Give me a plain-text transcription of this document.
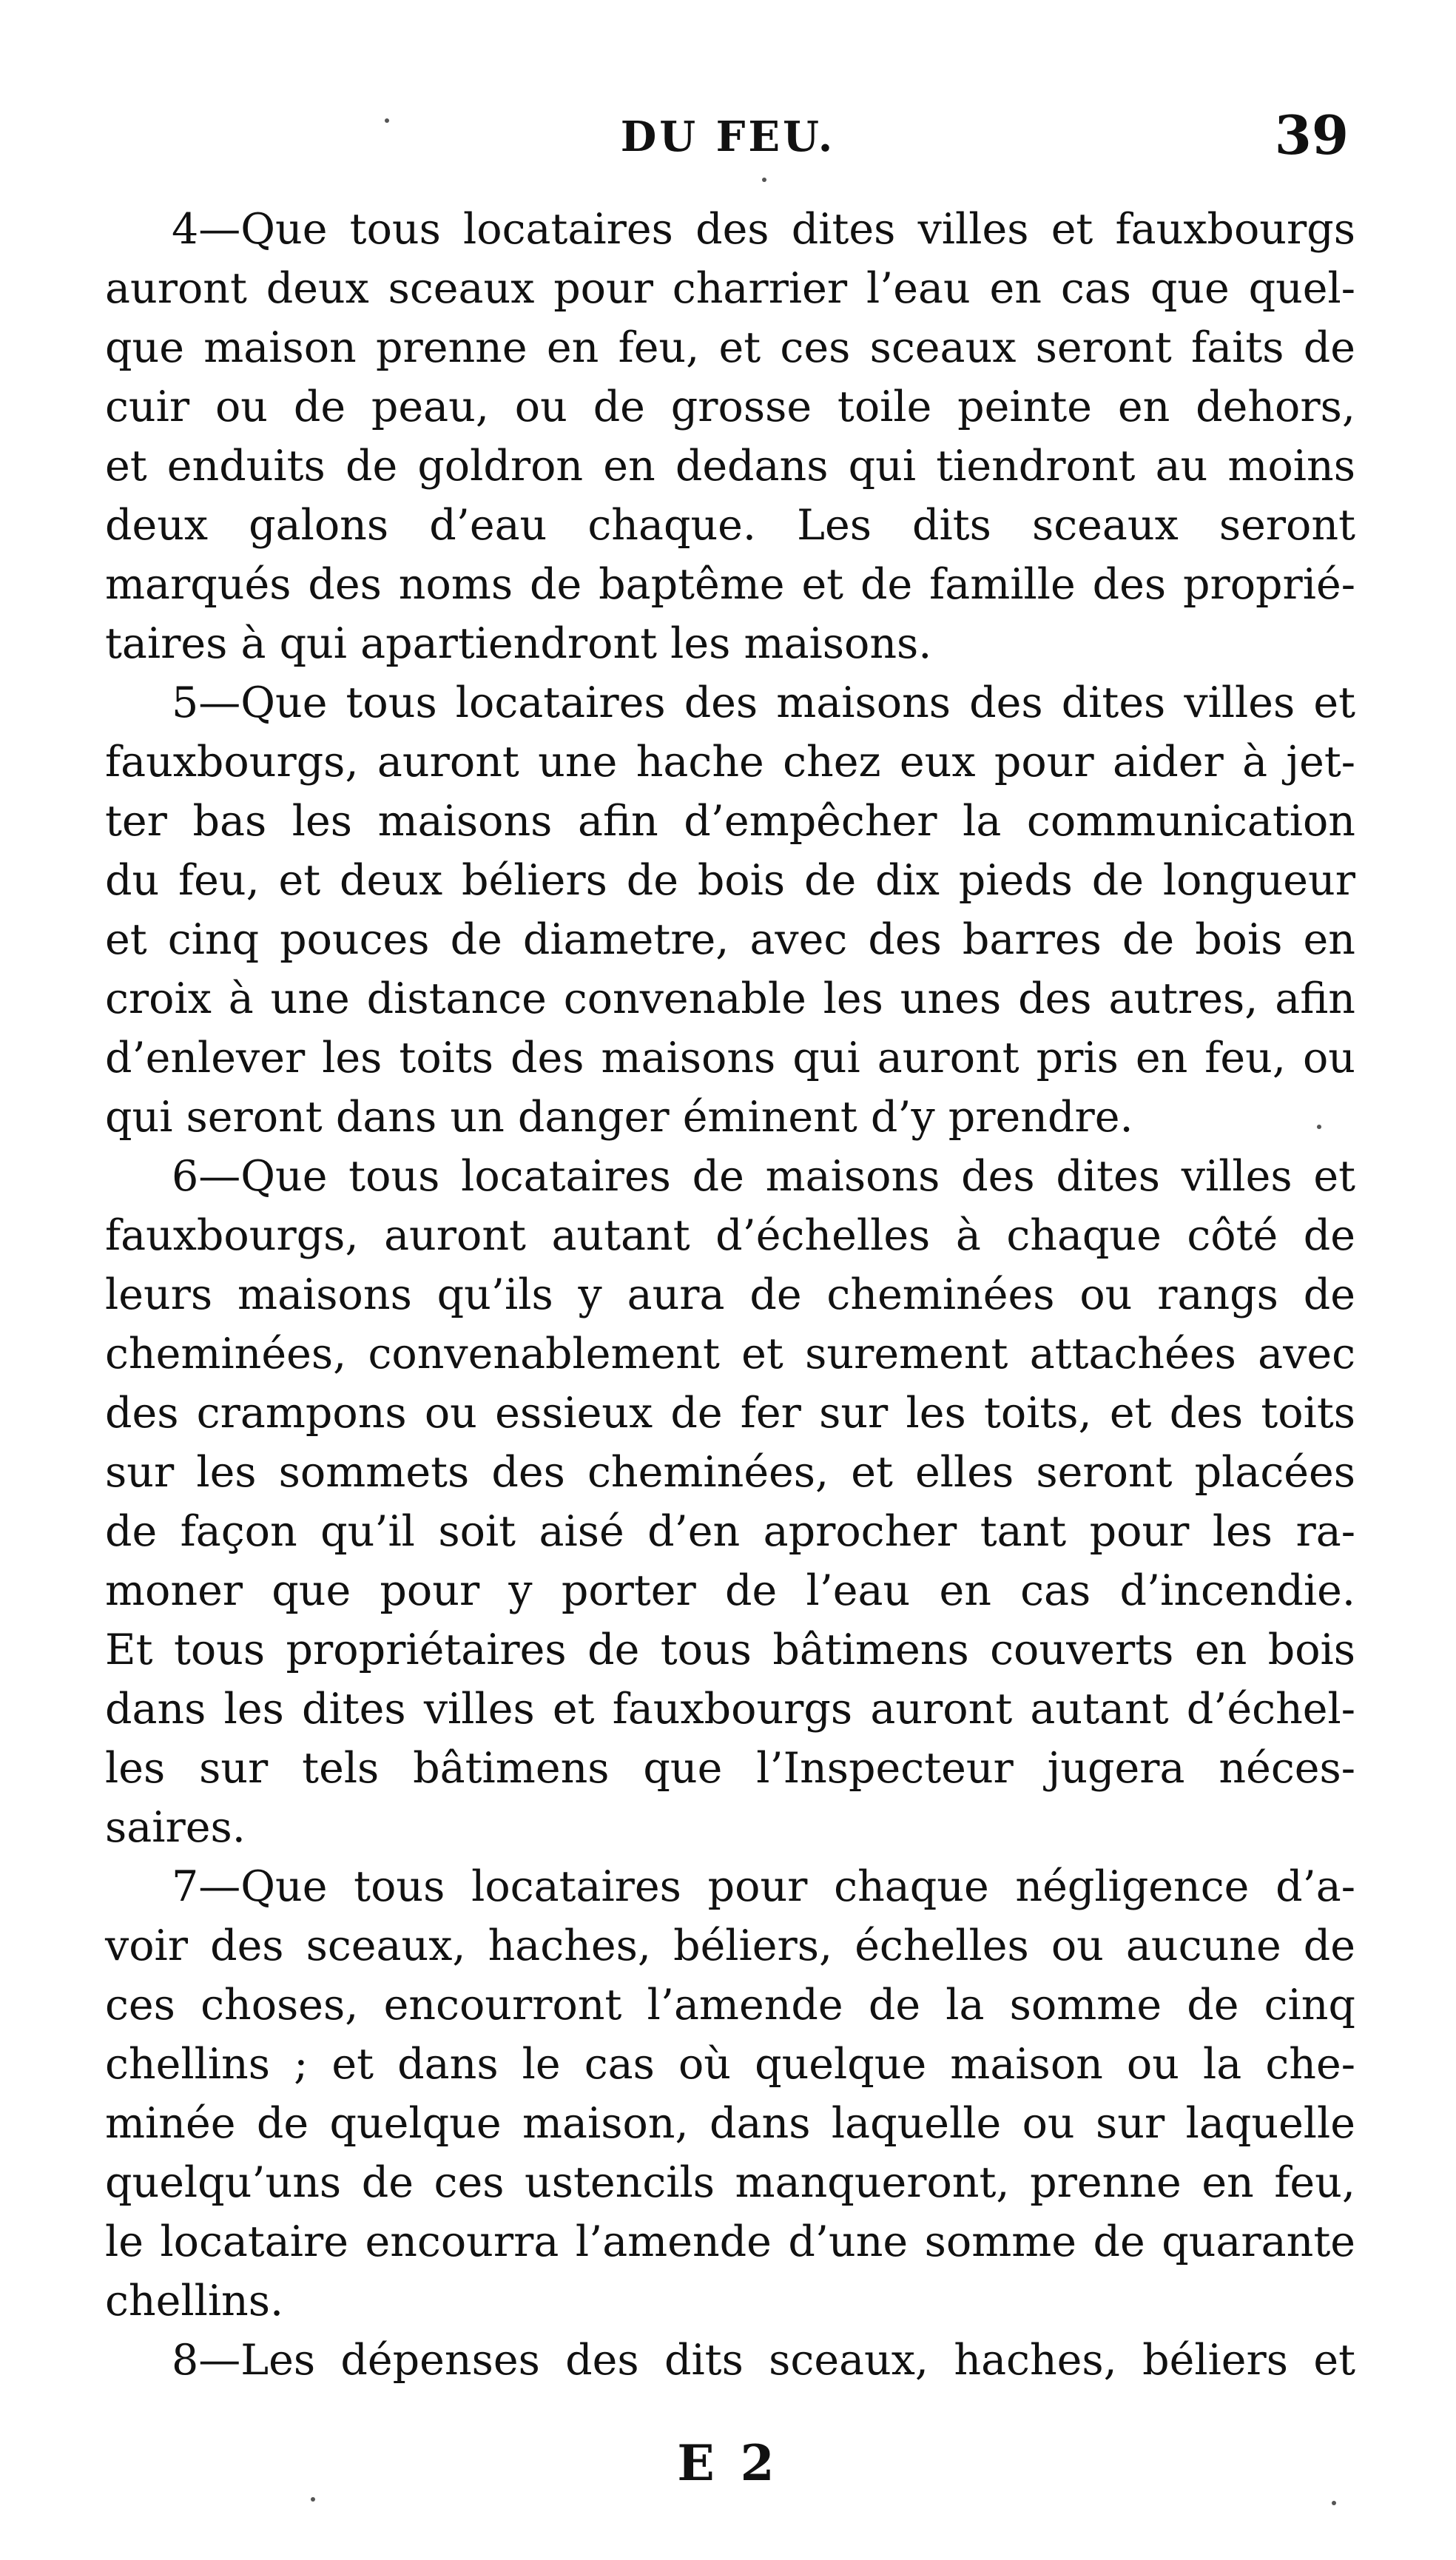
DU FEU.	39
4—Que tous locataires des dites villes et fauxbourgs
auront deux sceaux pour charrier l’eau en cas que quel-
que maison prenne en feu, et ces sceaux seront faits de
cuir ou de peau, ou de grosse toile peinte en dehors,
et enduits de goldron en dedans qui tiendront au moins
deux galons d’eau chaque. Les dits sceaux seront
marqués des noms de baptême et de famille des proprié-
taires à qui apartiendront les maisons.
5—Que tous locataires des maisons des dites villes et
fauxbourgs, auront une hache chez eux pour aider à jet-
ter bas les maisons afin d’empêcher la communication
du feu, et deux béliers de bois de dix pieds de longueur
et cinq pouces de diametre, avec des barres de bois en
croix à une distance convenable les unes des autres, afin
d’enlever les toits des maisons qui auront pris en feu, ou
qui seront dans un danger éminent d’y prendre.
6—Que tous locataires de maisons des dites villes et
fauxbourgs, auront autant d’échelles à chaque côté de
leurs maisons qu’ils y aura de cheminées ou rangs de
cheminées, convenablement et surement attachées avec
des crampons ou essieux de fer sur les toits, et des toits
sur les sommets des cheminées, et elles seront placées
de façon qu’il soit aisé d’en aprocher tant pour les ra-
moner que pour y porter de l’eau en cas d’incendie.
Et tous propriétaires de tous bâtimens couverts en bois
dans les dites villes et fauxbourgs auront autant d’échel-
les sur tels bâtimens que l’Inspecteur jugera néces-
saires.
7—Que tous locataires pour chaque négligence d’a-
voir des sceaux, haches, béliers, échelles ou aucune de
ces choses, encourront l’amende de la somme de cinq
chellins ; et dans le cas où quelque maison ou la che-
minée de quelque maison, dans laquelle ou sur laquelle
quelqu’uns de ces ustencils manqueront, prenne en feu,
le locataire encourra l’amende d’une somme de quarante
chellins.
8—Les dépenses des dits sceaux, haches, béliers et
E 2
